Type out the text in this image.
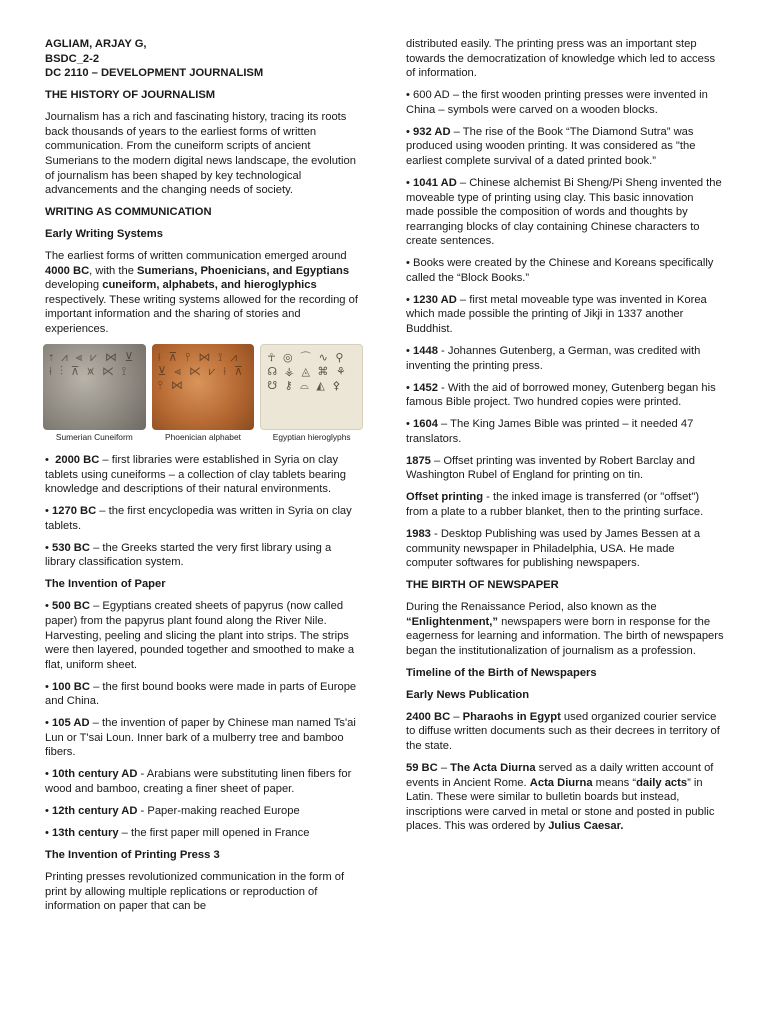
AGLIAM, ARJAY G,
BSDC_2-2
DC 2110 – DEVELOPMENT JOURNALISM
THE HISTORY OF JOURNALISM

Journalism has a rich and fascinating history, tracing its roots back thousands of years to the earliest forms of written communication. From the cuneiform scripts of ancient Sumerians to the modern digital news landscape, the evolution of journalism has been shaped by key technological advancements and the changing needs of society.

WRITING AS COMMUNICATION
Early Writing Systems

The earliest forms of written communication emerged around 4000 BC, with the Sumerians, Phoenicians, and Egyptians developing cuneiform, alphabets, and hieroglyphics respectively. These writing systems allowed for the recording of important information and the sharing of stories and experiences.

𐏑 ⩘ ⫷ ⩗ ⋈ ⊻ ⟊ ⫶ ⊼ ⩙ ⋉ ⟟
Sumerian Cuneiform
⟊ ⊼ ⫯ ⋈ ⟟ ⩘ ⊻ ⫷ ⋉ ⩗ ⟊ ⊼ ⫯ ⋈
Phoenician alphabet
☥ ◎ ⌒ ∿ ⚲ ☊ ⚶ ◬ ⌘ ⚘ ☋ ⚷ ⌓ ◭ ⚴
Egyptian hieroglyphs

•  2000 BC – first libraries were established in Syria on clay tablets using cuneiforms – a collection of clay tablets bearing knowledge and descriptions of their natural environments.

• 1270 BC – the first encyclopedia was written in Syria on clay tablets.

• 530 BC – the Greeks started the very first library using a library classification system.

The Invention of Paper

• 500 BC – Egyptians created sheets of papyrus (now called paper) from the papyrus plant found along the River Nile. Harvesting, peeling and slicing the plant into strips. The strips were then layered, pounded together and smoothed to make a flat, uniform sheet.

• 100 BC – the first bound books were made in parts of Europe and China.

• 105 AD – the invention of paper by Chinese man named Ts'ai Lun or T'sai Loun. Inner bark of a mulberry tree and bamboo fibers.

• 10th century AD - Arabians were substituting linen fibers for wood and bamboo, creating a finer sheet of paper.

• 12th century AD - Paper-making reached Europe

• 13th century – the first paper mill opened in France

The Invention of Printing Press 3

Printing presses revolutionized communication in the form of print by allowing multiple replications or reproduction of information on paper that can be

distributed easily. The printing press was an important step towards the democratization of knowledge which led to access of information.

• 600 AD – the first wooden printing presses were invented in China – symbols were carved on a wooden blocks.

• 932 AD – The rise of the Book “The Diamond Sutra” was produced using wooden printing. It was considered as "the earliest complete survival of a dated printed book.”

• 1041 AD – Chinese alchemist Bi Sheng/Pi Sheng invented the moveable type of printing using clay. This basic innovation made possible the composition of words and thoughts by rearranging blocks of clay containing Chinese characters to create sentences.

• Books were created by the Chinese and Koreans specifically called the “Block Books.”

• 1230 AD – first metal moveable type was invented in Korea which made possible the printing of Jikji in 1337 another Buddhist.

• 1448 - Johannes Gutenberg, a German, was credited with inventing the printing press.

• 1452 - With the aid of borrowed money, Gutenberg began his famous Bible project. Two hundred copies were printed.

• 1604 – The King James Bible was printed – it needed 47 translators.

1875 – Offset printing was invented by Robert Barclay and Washington Rubel of England for printing on tin.

Offset printing - the inked image is transferred (or "offset") from a plate to a rubber blanket, then to the printing surface.

1983 - Desktop Publishing was used by James Bessen at a community newspaper in Philadelphia, USA. He made computer softwares for publishing newspapers.

THE BIRTH OF NEWSPAPER

During the Renaissance Period, also known as the “Enlightenment,” newspapers were born in response for the eagerness for learning and information. The birth of newspapers began the institutionalization of journalism as a profession.

Timeline of the Birth of Newspapers
Early News Publication

2400 BC – Pharaohs in Egypt used organized courier service to diffuse written documents such as their decrees in territory of the state.

59 BC – The Acta Diurna served as a daily written account of events in Ancient Rome. Acta Diurna means “daily acts” in Latin. These were similar to bulletin boards but instead, inscriptions were carved in metal or stone and posted in public places. This was ordered by Julius Caesar.
